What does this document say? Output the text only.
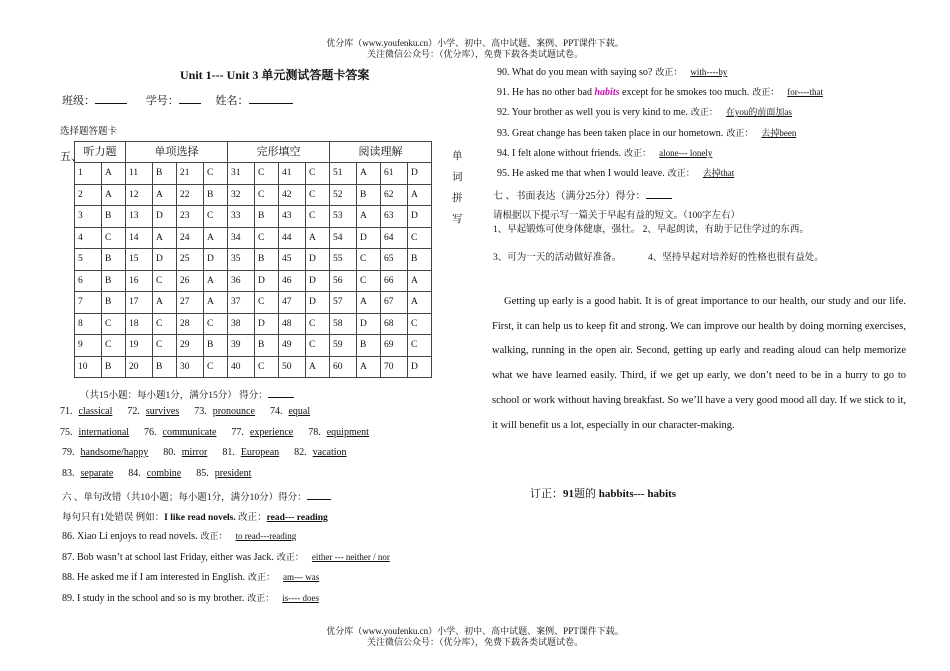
优分库（www.youfenku.cn）小学、初中、高中试题、案例、PPT课件下载。
关注微信公众号：（优分库），免费下载各类试题试卷。
Unit 1--- Unit 3 单元测试答题卡答案
班级：	学号：	姓名：
选择题答题卡
五、 听力题		单项选择				完形填空				阅读理解			
1	A	11	B	21	C	31	C	41	C	51	A	61	D
2	A	12	A	22	B	32	C	42	C	52	B	62	A
3	B	13	D	23	C	33	B	43	C	53	A	63	D
4	C	14	A	24	A	34	C	44	A	54	D	64	C
5	B	15	D	25	D	35	B	45	D	55	C	65	B
6	B	16	C	26	A	36	D	46	D	56	C	66	A
7	B	17	A	27	A	37	C	47	D	57	A	67	A
8	C	18	C	28	C	38	D	48	C	58	D	68	C
9	C	19	C	29	B	39	B	49	C	59	B	69	C
10	B	20	B	30	C	40	C	50	A	60	A	70	D
单
词
拼
写
（共15小题：每小题1分，满分15分） 得分：
71. classical 72. survives 73. pronounce 74. equal
75. international 76. communicate 77. experience 78. equipment
79. handsome/happy 80. mirror 81. European 82. vacation
83. separate 84. combine 85. president
六 、单句改错（共10小题；每小题1分，满分10分）得分：
每句只有1处错误 例如：I like read novels. 改正：read--- reading
86. Xiao Li enjoys to read novels. 改正： to read---reading
87. Bob wasn’t at school last Friday, either was Jack. 改正： either --- neither / nor
88. He asked me if I am interested in English. 改正： am--- was
89. I study in the school and so is my brother. 改正： is---- does
90. What do you mean with saying so? 改正： with----by
91. He has no other bad habits except for he smokes too much. 改正： for----that
92. Your brother as well you is very kind to me. 改正： 在you的前面加as
93. Great change has been taken place in our hometown. 改正： 去掉been
94. I felt alone without friends. 改正： alone--- lonely
95. He asked me that when I would leave. 改正： 去掉that
七 、书面表达（满分25分）得分：
请根据以下提示写一篇关于早起有益的短文。（100字左右）
1、早起锻炼可使身体健康，强壮。 2、早起朗读，有助于记住学过的东西。
3、可为一天的活动做好准备。	4、坚持早起对培养好的性格也很有益处。
Getting up early is a good habit. It is of great importance to our health, our study and our life. First, it can help us to keep fit and strong. We can improve our health by doing morning exercises, walking, running in the open air. Second, getting up early and reading aloud can help memorize what we have learned easily. Third, if we get up early, we don’t need to be in a hurry to go to school or work without having breakfast. So we’ll have a very good mood all day. If we stick to it, it will benefit us a lot, especially in our character-making.
订正：91题的 habbits--- habits
优分库（www.youfenku.cn）小学、初中、高中试题、案例、PPT课件下载。
关注微信公众号：（优分库），免费下载各类试题试卷。
